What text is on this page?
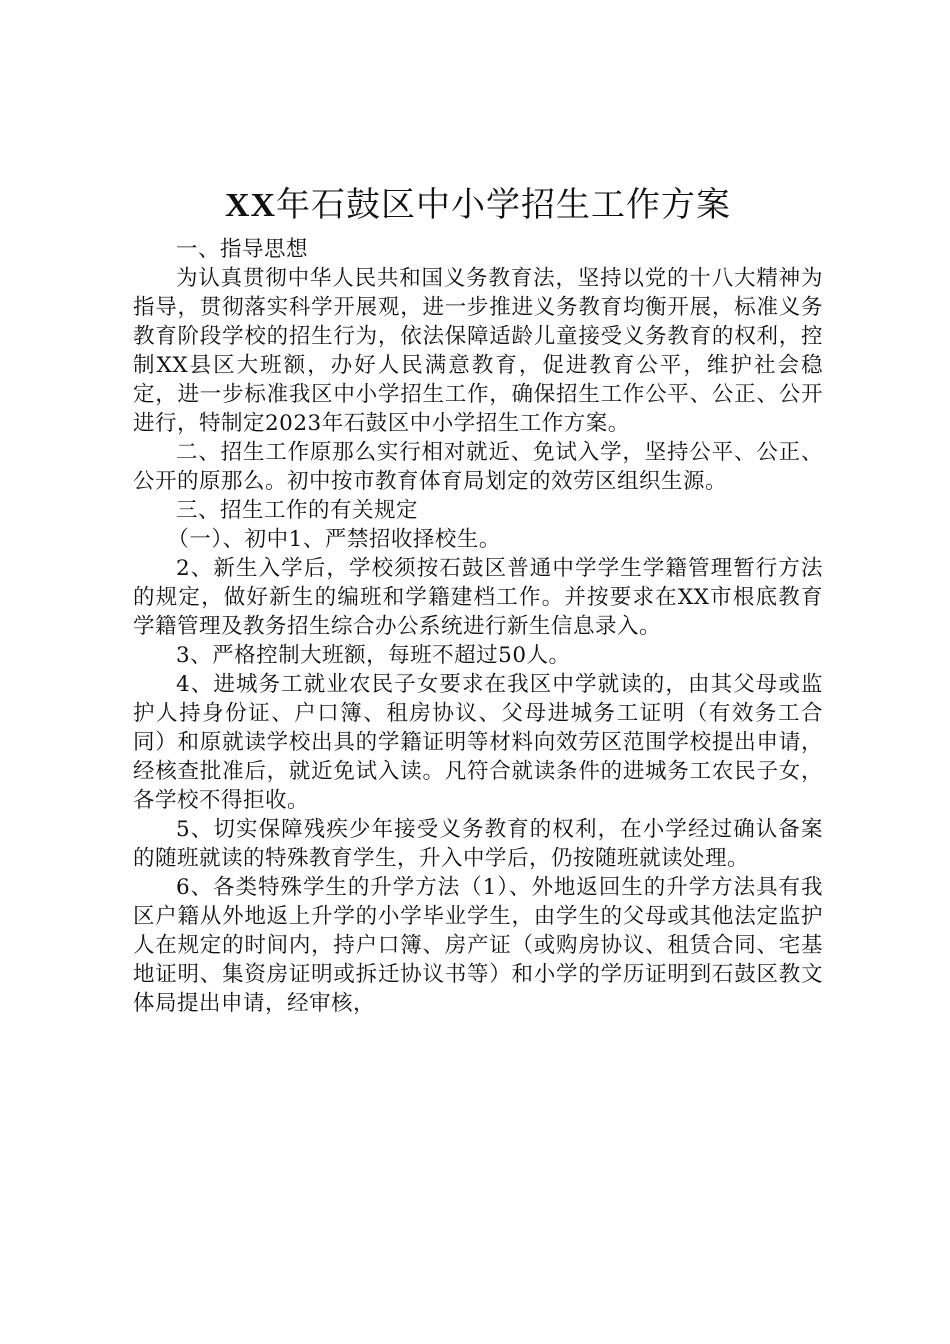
XX年石鼓区中小学招生工作方案

一、指导思想

为认真贯彻中华人民共和国义务教育法，坚持以党的十八大精神为指导，贯彻落实科学开展观，进一步推进义务教育均衡开展，标准义务教育阶段学校的招生行为，依法保障适龄儿童接受义务教育的权利，控制XX县区大班额，办好人民满意教育，促进教育公平，维护社会稳定，进一步标准我区中小学招生工作，确保招生工作公平、公正、公开进行，特制定2023年石鼓区中小学招生工作方案。

二、招生工作原那么实行相对就近、免试入学，坚持公平、公正、公开的原那么。初中按市教育体育局划定的效劳区组织生源。

三、招生工作的有关规定

（一）、初中1、严禁招收择校生。

2、新生入学后，学校须按石鼓区普通中学学生学籍管理暂行方法的规定，做好新生的编班和学籍建档工作。并按要求在XX市根底教育学籍管理及教务招生综合办公系统进行新生信息录入。

3、严格控制大班额，每班不超过50人。

4、进城务工就业农民子女要求在我区中学就读的，由其父母或监护人持身份证、户口簿、租房协议、父母进城务工证明（有效务工合同）和原就读学校出具的学籍证明等材料向效劳区范围学校提出申请，经核查批准后，就近免试入读。凡符合就读条件的进城务工农民子女，各学校不得拒收。

5、切实保障残疾少年接受义务教育的权利，在小学经过确认备案的随班就读的特殊教育学生，升入中学后，仍按随班就读处理。

6、各类特殊学生的升学方法（1）、外地返回生的升学方法具有我区户籍从外地返上升学的小学毕业学生，由学生的父母或其他法定监护人在规定的时间内，持户口簿、房产证（或购房协议、租赁合同、宅基地证明、集资房证明或拆迁协议书等）和小学的学历证明到石鼓区教文体局提出申请，经审核，
